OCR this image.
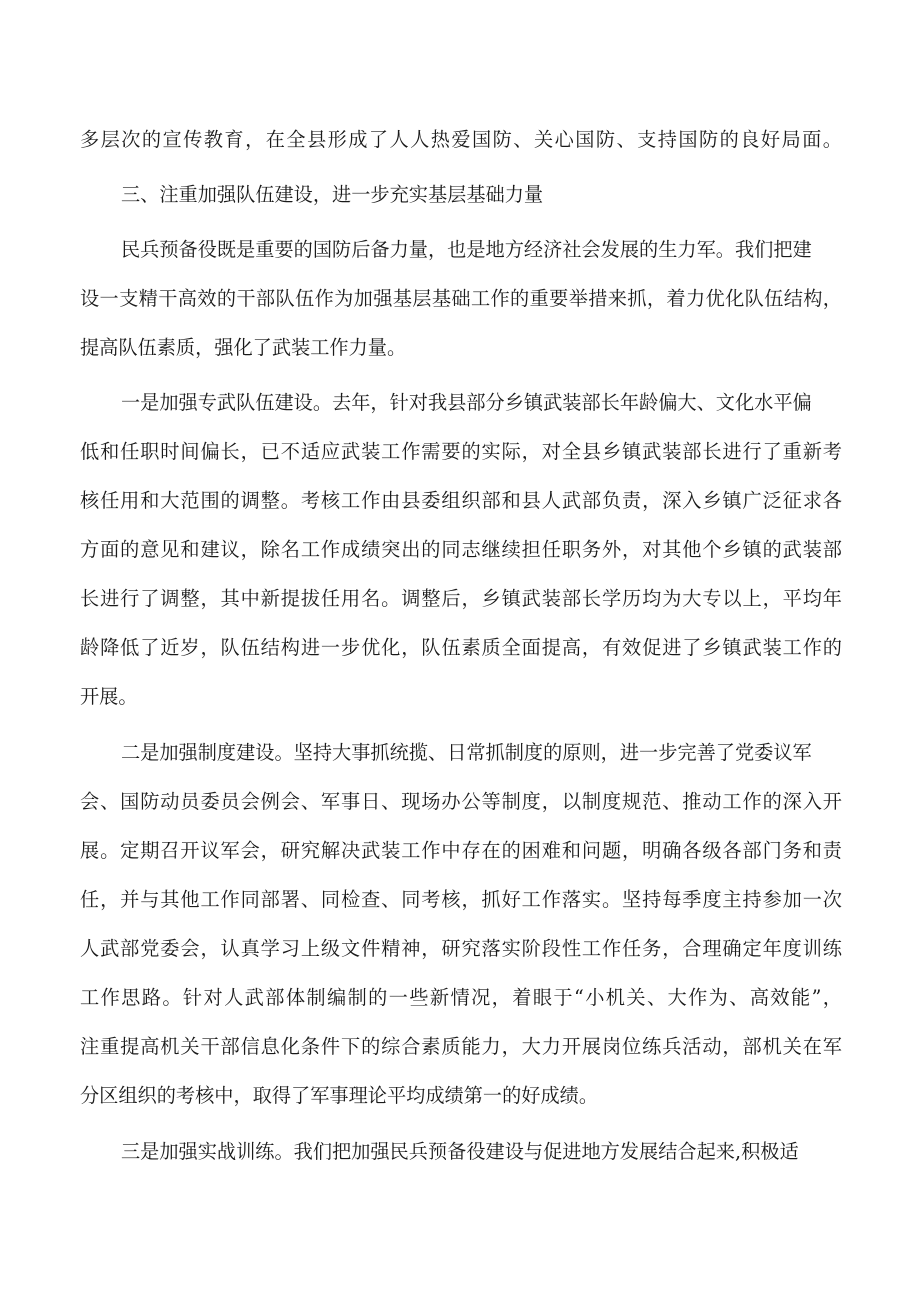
多层次的宣传教育，在全县形成了人人热爱国防、关心国防、支持国防的良好局面。

三、注重加强队伍建设，进一步充实基层基础力量

民兵预备役既是重要的国防后备力量，也是地方经济社会发展的生力军。我们把建

设一支精干高效的干部队伍作为加强基层基础工作的重要举措来抓，着力优化队伍结构，

提高队伍素质，强化了武装工作力量。

一是加强专武队伍建设。去年，针对我县部分乡镇武装部长年龄偏大、文化水平偏

低和任职时间偏长，已不适应武装工作需要的实际，对全县乡镇武装部长进行了重新考

核任用和大范围的调整。考核工作由县委组织部和县人武部负责，深入乡镇广泛征求各

方面的意见和建议，除名工作成绩突出的同志继续担任职务外，对其他个乡镇的武装部

长进行了调整，其中新提拔任用名。调整后，乡镇武装部长学历均为大专以上，平均年

龄降低了近岁，队伍结构进一步优化，队伍素质全面提高，有效促进了乡镇武装工作的

开展。

二是加强制度建设。坚持大事抓统揽、日常抓制度的原则，进一步完善了党委议军

会、国防动员委员会例会、军事日、现场办公等制度，以制度规范、推动工作的深入开

展。定期召开议军会，研究解决武装工作中存在的困难和问题，明确各级各部门务和责

任，并与其他工作同部署、同检查、同考核，抓好工作落实。坚持每季度主持参加一次

人武部党委会，认真学习上级文件精神，研究落实阶段性工作任务，合理确定年度训练

工作思路。针对人武部体制编制的一些新情况，着眼于“小机关、大作为、高效能”，

注重提高机关干部信息化条件下的综合素质能力，大力开展岗位练兵活动，部机关在军

分区组织的考核中，取得了军事理论平均成绩第一的好成绩。

三是加强实战训练。我们把加强民兵预备役建设与促进地方发展结合起来,积极适
